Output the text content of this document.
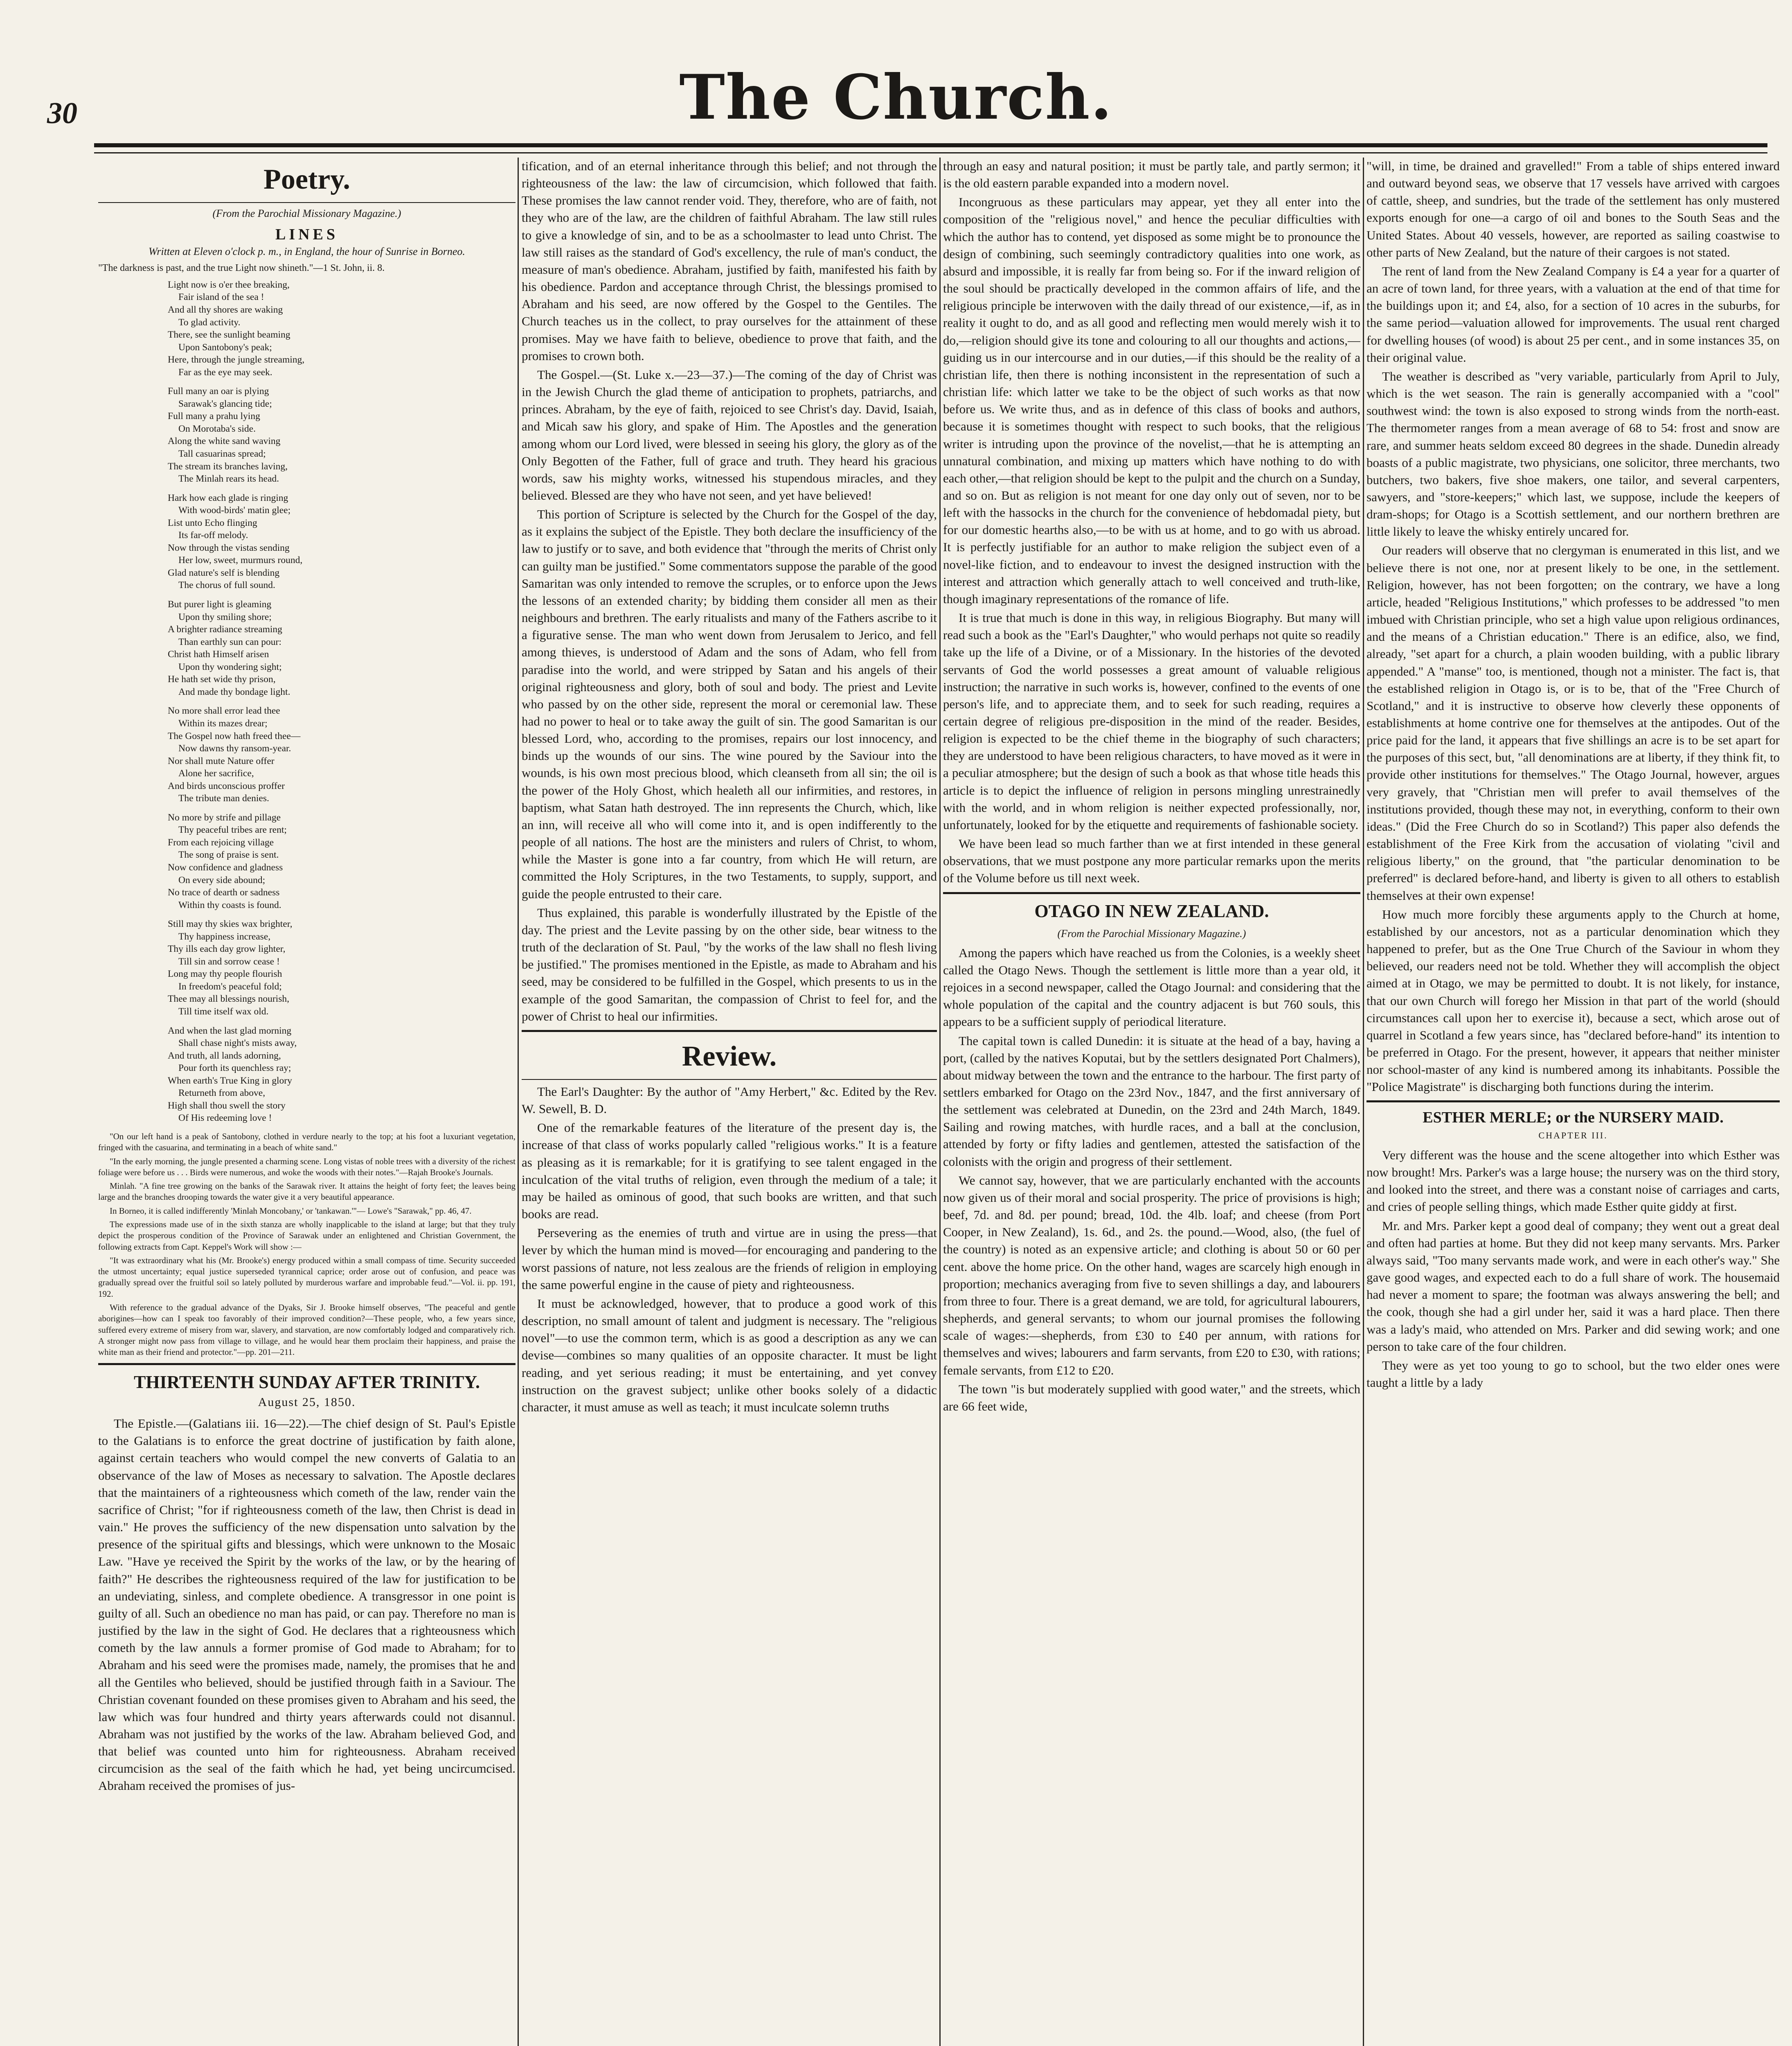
30	The Church.
Poetry.
(From the Parochial Missionary Magazine.)
LINES
Written at Eleven o'clock p. m., in England, the hour of Sunrise in Borneo.
"The darkness is past, and the true Light now shineth."—1 St. John, ii. 8.
Light now is o'er thee breaking,
Fair island of the sea !
And all thy shores are waking
To glad activity.
There, see the sunlight beaming
Upon Santobony's peak;
Here, through the jungle streaming,
Far as the eye may seek.
Full many an oar is plying
Sarawak's glancing tide;
Full many a prahu lying
On Morotaba's side.
Along the white sand waving
Tall casuarinas spread;
The stream its branches laving,
The Minlah rears its head.
Hark how each glade is ringing
With wood-birds' matin glee;
List unto Echo flinging
Its far-off melody.
Now through the vistas sending
Her low, sweet, murmurs round,
Glad nature's self is blending
The chorus of full sound.
But purer light is gleaming
Upon thy smiling shore;
A brighter radiance streaming
Than earthly sun can pour:
Christ hath Himself arisen
Upon thy wondering sight;
He hath set wide thy prison,
And made thy bondage light.
No more shall error lead thee
Within its mazes drear;
The Gospel now hath freed thee—
Now dawns thy ransom-year.
Nor shall mute Nature offer
Alone her sacrifice,
And birds unconscious proffer
The tribute man denies.
No more by strife and pillage
Thy peaceful tribes are rent;
From each rejoicing village
The song of praise is sent.
Now confidence and gladness
On every side abound;
No trace of dearth or sadness
Within thy coasts is found.
Still may thy skies wax brighter,
Thy happiness increase,
Thy ills each day grow lighter,
Till sin and sorrow cease !
Long may thy people flourish
In freedom's peaceful fold;
Thee may all blessings nourish,
Till time itself wax old.
And when the last glad morning
Shall chase night's mists away,
And truth, all lands adorning,
Pour forth its quenchless ray;
When earth's True King in glory
Returneth from above,
High shall thou swell the story
Of His redeeming love !

"On our left hand is a peak of Santobony, clothed in verdure nearly to the top; at his foot a luxuriant vegetation, fringed with the casuarina, and terminating in a beach of white sand."

"In the early morning, the jungle presented a charming scene. Long vistas of noble trees with a diversity of the richest foliage were before us . . . Birds were numerous, and woke the woods with their notes."—Rajah Brooke's Journals.

Minlah. "A fine tree growing on the banks of the Sarawak river. It attains the height of forty feet; the leaves being large and the branches drooping towards the water give it a very beautiful appearance.

In Borneo, it is called indifferently 'Minlah Moncobany,' or 'tankawan.'"— Lowe's "Sarawak," pp. 46, 47.

The expressions made use of in the sixth stanza are wholly inapplicable to the island at large; but that they truly depict the prosperous condition of the Province of Sarawak under an enlightened and Christian Government, the following extracts from Capt. Keppel's Work will show :—

"It was extraordinary what his (Mr. Brooke's) energy produced within a small compass of time. Security succeeded the utmost uncertainty; equal justice superseded tyrannical caprice; order arose out of confusion, and peace was gradually spread over the fruitful soil so lately polluted by murderous warfare and improbable feud."—Vol. ii. pp. 191, 192.

With reference to the gradual advance of the Dyaks, Sir J. Brooke himself observes, "The peaceful and gentle aborigines—how can I speak too favorably of their improved condition?—These people, who, a few years since, suffered every extreme of misery from war, slavery, and starvation, are now comfortably lodged and comparatively rich. A stronger might now pass from village to village, and he would hear them proclaim their happiness, and praise the white man as their friend and protector."—pp. 201—211.

THIRTEENTH SUNDAY AFTER TRINITY.
August 25, 1850.

The Epistle.—(Galatians iii. 16—22).—The chief design of St. Paul's Epistle to the Galatians is to enforce the great doctrine of justification by faith alone, against certain teachers who would compel the new converts of Galatia to an observance of the law of Moses as necessary to salvation. The Apostle declares that the maintainers of a righteousness which cometh of the law, render vain the sacrifice of Christ; "for if righteousness cometh of the law, then Christ is dead in vain." He proves the sufficiency of the new dispensation unto salvation by the presence of the spiritual gifts and blessings, which were unknown to the Mosaic Law. "Have ye received the Spirit by the works of the law, or by the hearing of faith?" He describes the righteousness required of the law for justification to be an undeviating, sinless, and complete obedience. A transgressor in one point is guilty of all. Such an obedience no man has paid, or can pay. Therefore no man is justified by the law in the sight of God. He declares that a righteousness which cometh by the law annuls a former promise of God made to Abraham; for to Abraham and his seed were the promises made, namely, the promises that he and all the Gentiles who believed, should be justified through faith in a Saviour. The Christian covenant founded on these promises given to Abraham and his seed, the law which was four hundred and thirty years afterwards could not disannul. Abraham was not justified by the works of the law. Abraham believed God, and that belief was counted unto him for righteousness. Abraham received circumcision as the seal of the faith which he had, yet being uncircumcised. Abraham received the promises of jus-

tification, and of an eternal inheritance through this belief; and not through the righteousness of the law: the law of circumcision, which followed that faith. These promises the law cannot render void. They, therefore, who are of faith, not they who are of the law, are the children of faithful Abraham. The law still rules to give a knowledge of sin, and to be as a schoolmaster to lead unto Christ. The law still raises as the standard of God's excellency, the rule of man's conduct, the measure of man's obedience. Abraham, justified by faith, manifested his faith by his obedience. Pardon and acceptance through Christ, the blessings promised to Abraham and his seed, are now offered by the Gospel to the Gentiles. The Church teaches us in the collect, to pray ourselves for the attainment of these promises. May we have faith to believe, obedience to prove that faith, and the promises to crown both.

The Gospel.—(St. Luke x.—23—37.)—The coming of the day of Christ was in the Jewish Church the glad theme of anticipation to prophets, patriarchs, and princes. Abraham, by the eye of faith, rejoiced to see Christ's day. David, Isaiah, and Micah saw his glory, and spake of Him. The Apostles and the generation among whom our Lord lived, were blessed in seeing his glory, the glory as of the Only Begotten of the Father, full of grace and truth. They heard his gracious words, saw his mighty works, witnessed his stupendous miracles, and they believed. Blessed are they who have not seen, and yet have believed!

This portion of Scripture is selected by the Church for the Gospel of the day, as it explains the subject of the Epistle. They both declare the insufficiency of the law to justify or to save, and both evidence that "through the merits of Christ only can guilty man be justified." Some commentators suppose the parable of the good Samaritan was only intended to remove the scruples, or to enforce upon the Jews the lessons of an extended charity; by bidding them consider all men as their neighbours and brethren. The early ritualists and many of the Fathers ascribe to it a figurative sense. The man who went down from Jerusalem to Jerico, and fell among thieves, is understood of Adam and the sons of Adam, who fell from paradise into the world, and were stripped by Satan and his angels of their original righteousness and glory, both of soul and body. The priest and Levite who passed by on the other side, represent the moral or ceremonial law. These had no power to heal or to take away the guilt of sin. The good Samaritan is our blessed Lord, who, according to the promises, repairs our lost innocency, and binds up the wounds of our sins. The wine poured by the Saviour into the wounds, is his own most precious blood, which cleanseth from all sin; the oil is the power of the Holy Ghost, which healeth all our infirmities, and restores, in baptism, what Satan hath destroyed. The inn represents the Church, which, like an inn, will receive all who will come into it, and is open indifferently to the people of all nations. The host are the ministers and rulers of Christ, to whom, while the Master is gone into a far country, from which He will return, are committed the Holy Scriptures, in the two Testaments, to supply, support, and guide the people entrusted to their care.

Thus explained, this parable is wonderfully illustrated by the Epistle of the day. The priest and the Levite passing by on the other side, bear witness to the truth of the declaration of St. Paul, "by the works of the law shall no flesh living be justified." The promises mentioned in the Epistle, as made to Abraham and his seed, may be considered to be fulfilled in the Gospel, which presents to us in the example of the good Samaritan, the compassion of Christ to feel for, and the power of Christ to heal our infirmities.

Review.

The Earl's Daughter: By the author of "Amy Herbert," &c. Edited by the Rev. W. Sewell, B. D.

One of the remarkable features of the literature of the present day is, the increase of that class of works popularly called "religious works." It is a feature as pleasing as it is remarkable; for it is gratifying to see talent engaged in the inculcation of the vital truths of religion, even through the medium of a tale; it may be hailed as ominous of good, that such books are written, and that such books are read.

Persevering as the enemies of truth and virtue are in using the press—that lever by which the human mind is moved—for encouraging and pandering to the worst passions of nature, not less zealous are the friends of religion in employing the same powerful engine in the cause of piety and righteousness.

It must be acknowledged, however, that to produce a good work of this description, no small amount of talent and judgment is necessary. The "religious novel"—to use the common term, which is as good a description as any we can devise—combines so many qualities of an opposite character. It must be light reading, and yet serious reading; it must be entertaining, and yet convey instruction on the gravest subject; unlike other books solely of a didactic character, it must amuse as well as teach; it must inculcate solemn truths

through an easy and natural position; it must be partly tale, and partly sermon; it is the old eastern parable expanded into a modern novel.

Incongruous as these particulars may appear, yet they all enter into the composition of the "religious novel," and hence the peculiar difficulties with which the author has to contend, yet disposed as some might be to pronounce the design of combining, such seemingly contradictory qualities into one work, as absurd and impossible, it is really far from being so. For if the inward religion of the soul should be practically developed in the common affairs of life, and the religious principle be interwoven with the daily thread of our existence,—if, as in reality it ought to do, and as all good and reflecting men would merely wish it to do,—religion should give its tone and colouring to all our thoughts and actions,—guiding us in our intercourse and in our duties,—if this should be the reality of a christian life, then there is nothing inconsistent in the representation of such a christian life: which latter we take to be the object of such works as that now before us. We write thus, and as in defence of this class of books and authors, because it is sometimes thought with respect to such books, that the religious writer is intruding upon the province of the novelist,—that he is attempting an unnatural combination, and mixing up matters which have nothing to do with each other,—that religion should be kept to the pulpit and the church on a Sunday, and so on. But as religion is not meant for one day only out of seven, nor to be left with the hassocks in the church for the convenience of hebdomadal piety, but for our domestic hearths also,—to be with us at home, and to go with us abroad. It is perfectly justifiable for an author to make religion the subject even of a novel-like fiction, and to endeavour to invest the designed instruction with the interest and attraction which generally attach to well conceived and truth-like, though imaginary representations of the romance of life.

It is true that much is done in this way, in religious Biography. But many will read such a book as the "Earl's Daughter," who would perhaps not quite so readily take up the life of a Divine, or of a Missionary. In the histories of the devoted servants of God the world possesses a great amount of valuable religious instruction; the narrative in such works is, however, confined to the events of one person's life, and to appreciate them, and to seek for such reading, requires a certain degree of religious pre-disposition in the mind of the reader. Besides, religion is expected to be the chief theme in the biography of such characters; they are understood to have been religious characters, to have moved as it were in a peculiar atmosphere; but the design of such a book as that whose title heads this article is to depict the influence of religion in persons mingling unrestrainedly with the world, and in whom religion is neither expected professionally, nor, unfortunately, looked for by the etiquette and requirements of fashionable society.

We have been lead so much farther than we at first intended in these general observations, that we must postpone any more particular remarks upon the merits of the Volume before us till next week.

OTAGO IN NEW ZEALAND.
(From the Parochial Missionary Magazine.)

Among the papers which have reached us from the Colonies, is a weekly sheet called the Otago News. Though the settlement is little more than a year old, it rejoices in a second newspaper, called the Otago Journal: and considering that the whole population of the capital and the country adjacent is but 760 souls, this appears to be a sufficient supply of periodical literature.

The capital town is called Dunedin: it is situate at the head of a bay, having a port, (called by the natives Koputai, but by the settlers designated Port Chalmers), about midway between the town and the entrance to the harbour. The first party of settlers embarked for Otago on the 23rd Nov., 1847, and the first anniversary of the settlement was celebrated at Dunedin, on the 23rd and 24th March, 1849. Sailing and rowing matches, with hurdle races, and a ball at the conclusion, attended by forty or fifty ladies and gentlemen, attested the satisfaction of the colonists with the origin and progress of their settlement.

We cannot say, however, that we are particularly enchanted with the accounts now given us of their moral and social prosperity. The price of provisions is high; beef, 7d. and 8d. per pound; bread, 10d. the 4lb. loaf; and cheese (from Port Cooper, in New Zealand), 1s. 6d., and 2s. the pound.—Wood, also, (the fuel of the country) is noted as an expensive article; and clothing is about 50 or 60 per cent. above the home price. On the other hand, wages are scarcely high enough in proportion; mechanics averaging from five to seven shillings a day, and labourers from three to four. There is a great demand, we are told, for agricultural labourers, shepherds, and general servants; to whom our journal promises the following scale of wages:—shepherds, from £30 to £40 per annum, with rations for themselves and wives; labourers and farm servants, from £20 to £30, with rations; female servants, from £12 to £20.

The town "is but moderately supplied with good water," and the streets, which are 66 feet wide,

"will, in time, be drained and gravelled!" From a table of ships entered inward and outward beyond seas, we observe that 17 vessels have arrived with cargoes of cattle, sheep, and sundries, but the trade of the settlement has only mustered exports enough for one—a cargo of oil and bones to the South Seas and the United States. About 40 vessels, however, are reported as sailing coastwise to other parts of New Zealand, but the nature of their cargoes is not stated.

The rent of land from the New Zealand Company is £4 a year for a quarter of an acre of town land, for three years, with a valuation at the end of that time for the buildings upon it; and £4, also, for a section of 10 acres in the suburbs, for the same period—valuation allowed for improvements. The usual rent charged for dwelling houses (of wood) is about 25 per cent., and in some instances 35, on their original value.

The weather is described as "very variable, particularly from April to July, which is the wet season. The rain is generally accompanied with a "cool" southwest wind: the town is also exposed to strong winds from the north-east. The thermometer ranges from a mean average of 68 to 54: frost and snow are rare, and summer heats seldom exceed 80 degrees in the shade. Dunedin already boasts of a public magistrate, two physicians, one solicitor, three merchants, two butchers, two bakers, five shoe makers, one tailor, and several carpenters, sawyers, and "store-keepers;" which last, we suppose, include the keepers of dram-shops; for Otago is a Scottish settlement, and our northern brethren are little likely to leave the whisky entirely uncared for.

Our readers will observe that no clergyman is enumerated in this list, and we believe there is not one, nor at present likely to be one, in the settlement. Religion, however, has not been forgotten; on the contrary, we have a long article, headed "Religious Institutions," which professes to be addressed "to men imbued with Christian principle, who set a high value upon religious ordinances, and the means of a Christian education." There is an edifice, also, we find, already, "set apart for a church, a plain wooden building, with a public library appended." A "manse" too, is mentioned, though not a minister. The fact is, that the established religion in Otago is, or is to be, that of the "Free Church of Scotland," and it is instructive to observe how cleverly these opponents of establishments at home contrive one for themselves at the antipodes. Out of the price paid for the land, it appears that five shillings an acre is to be set apart for the purposes of this sect, but, "all denominations are at liberty, if they think fit, to provide other institutions for themselves." The Otago Journal, however, argues very gravely, that "Christian men will prefer to avail themselves of the institutions provided, though these may not, in everything, conform to their own ideas." (Did the Free Church do so in Scotland?) This paper also defends the establishment of the Free Kirk from the accusation of violating "civil and religious liberty," on the ground, that "the particular denomination to be preferred" is declared before-hand, and liberty is given to all others to establish themselves at their own expense!

How much more forcibly these arguments apply to the Church at home, established by our ancestors, not as a particular denomination which they happened to prefer, but as the One True Church of the Saviour in whom they believed, our readers need not be told. Whether they will accomplish the object aimed at in Otago, we may be permitted to doubt. It is not likely, for instance, that our own Church will forego her Mission in that part of the world (should circumstances call upon her to exercise it), because a sect, which arose out of quarrel in Scotland a few years since, has "declared before-hand" its intention to be preferred in Otago. For the present, however, it appears that neither minister nor school-master of any kind is numbered among its inhabitants. Possible the "Police Magistrate" is discharging both functions during the interim.

ESTHER MERLE; or the NURSERY MAID.
CHAPTER III.

Very different was the house and the scene altogether into which Esther was now brought! Mrs. Parker's was a large house; the nursery was on the third story, and looked into the street, and there was a constant noise of carriages and carts, and cries of people selling things, which made Esther quite giddy at first.

Mr. and Mrs. Parker kept a good deal of company; they went out a great deal and often had parties at home. But they did not keep many servants. Mrs. Parker always said, "Too many servants made work, and were in each other's way." She gave good wages, and expected each to do a full share of work. The housemaid had never a moment to spare; the footman was always answering the bell; and the cook, though she had a girl under her, said it was a hard place. Then there was a lady's maid, who attended on Mrs. Parker and did sewing work; and one person to take care of the four children.

They were as yet too young to go to school, but the two elder ones were taught a little by a lady
